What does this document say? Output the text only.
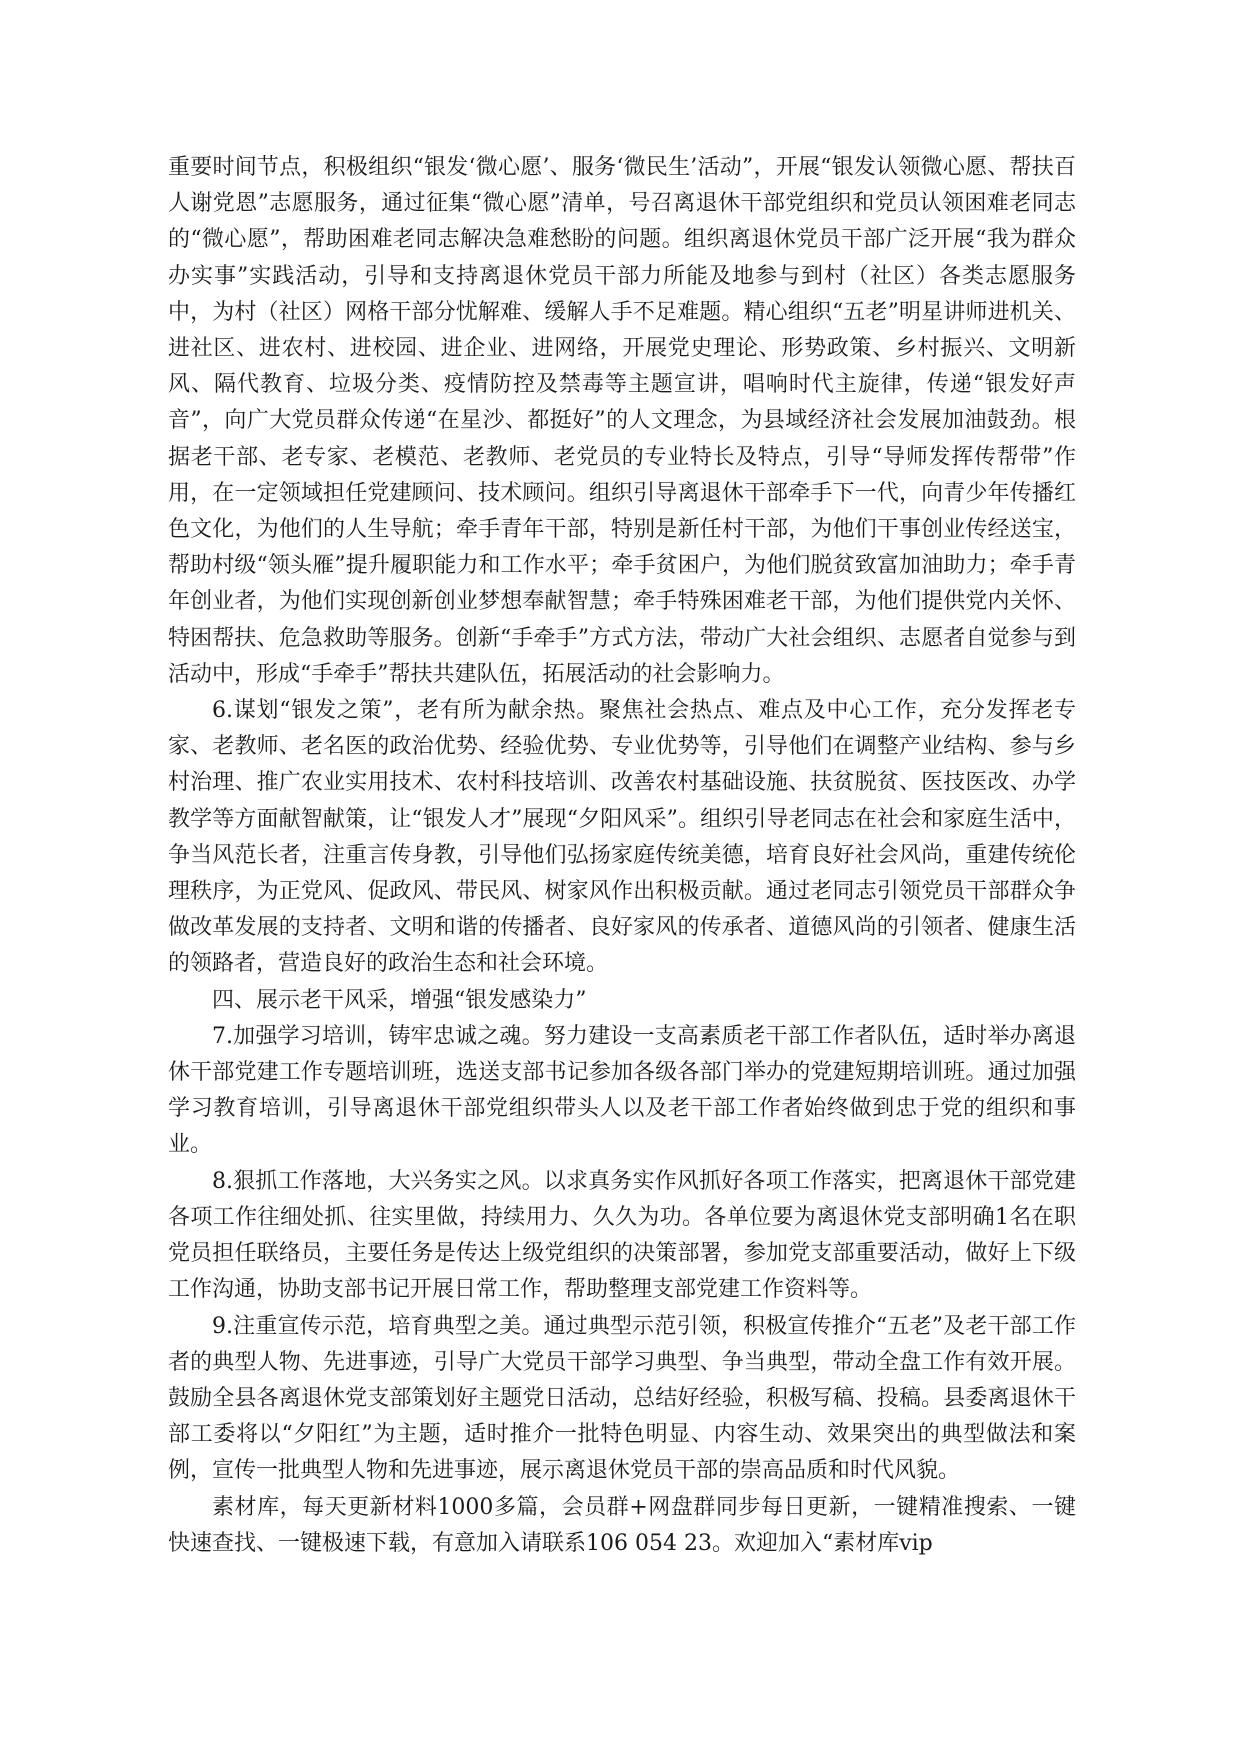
重要时间节点，积极组织“银发‘微心愿’、服务‘微民生’活动”，开展“银发认领微心愿、帮扶百人谢党恩”志愿服务，通过征集“微心愿”清单，号召离退休干部党组织和党员认领困难老同志的“微心愿”，帮助困难老同志解决急难愁盼的问题。组织离退休党员干部广泛开展“我为群众办实事”实践活动，引导和支持离退休党员干部力所能及地参与到村（社区）各类志愿服务中，为村（社区）网格干部分忧解难、缓解人手不足难题。精心组织“五老”明星讲师进机关、进社区、进农村、进校园、进企业、进网络，开展党史理论、形势政策、乡村振兴、文明新风、隔代教育、垃圾分类、疫情防控及禁毒等主题宣讲，唱响时代主旋律，传递“银发好声音”，向广大党员群众传递“在星沙、都挺好”的人文理念，为县域经济社会发展加油鼓劲。根据老干部、老专家、老模范、老教师、老党员的专业特长及特点，引导“导师发挥传帮带”作用，在一定领域担任党建顾问、技术顾问。组织引导离退休干部牵手下一代，向青少年传播红色文化，为他们的人生导航；牵手青年干部，特别是新任村干部，为他们干事创业传经送宝，帮助村级“领头雁”提升履职能力和工作水平；牵手贫困户，为他们脱贫致富加油助力；牵手青年创业者，为他们实现创新创业梦想奉献智慧；牵手特殊困难老干部，为他们提供党内关怀、特困帮扶、危急救助等服务。创新“手牵手”方式方法，带动广大社会组织、志愿者自觉参与到活动中，形成“手牵手”帮扶共建队伍，拓展活动的社会影响力。

6.谋划“银发之策”，老有所为献余热。聚焦社会热点、难点及中心工作，充分发挥老专家、老教师、老名医的政治优势、经验优势、专业优势等，引导他们在调整产业结构、参与乡村治理、推广农业实用技术、农村科技培训、改善农村基础设施、扶贫脱贫、医技医改、办学教学等方面献智献策，让“银发人才”展现“夕阳风采”。组织引导老同志在社会和家庭生活中，争当风范长者，注重言传身教，引导他们弘扬家庭传统美德，培育良好社会风尚，重建传统伦理秩序，为正党风、促政风、带民风、树家风作出积极贡献。通过老同志引领党员干部群众争做改革发展的支持者、文明和谐的传播者、良好家风的传承者、道德风尚的引领者、健康生活的领路者，营造良好的政治生态和社会环境。

四、展示老干风采，增强“银发感染力”

7.加强学习培训，铸牢忠诚之魂。努力建设一支高素质老干部工作者队伍，适时举办离退休干部党建工作专题培训班，选送支部书记参加各级各部门举办的党建短期培训班。通过加强学习教育培训，引导离退休干部党组织带头人以及老干部工作者始终做到忠于党的组织和事业。

8.狠抓工作落地，大兴务实之风。以求真务实作风抓好各项工作落实，把离退休干部党建各项工作往细处抓、往实里做，持续用力、久久为功。各单位要为离退休党支部明确1名在职党员担任联络员，主要任务是传达上级党组织的决策部署，参加党支部重要活动，做好上下级工作沟通，协助支部书记开展日常工作，帮助整理支部党建工作资料等。

9.注重宣传示范，培育典型之美。通过典型示范引领，积极宣传推介“五老”及老干部工作者的典型人物、先进事迹，引导广大党员干部学习典型、争当典型，带动全盘工作有效开展。鼓励全县各离退休党支部策划好主题党日活动，总结好经验，积极写稿、投稿。县委离退休干部工委将以“夕阳红”为主题，适时推介一批特色明显、内容生动、效果突出的典型做法和案例，宣传一批典型人物和先进事迹，展示离退休党员干部的崇高品质和时代风貌。

素材库，每天更新材料1000多篇，会员群+网盘群同步每日更新，一键精准搜索、一键快速查找、一键极速下载，有意加入请联系106 054 23。欢迎加入“素材库vip
